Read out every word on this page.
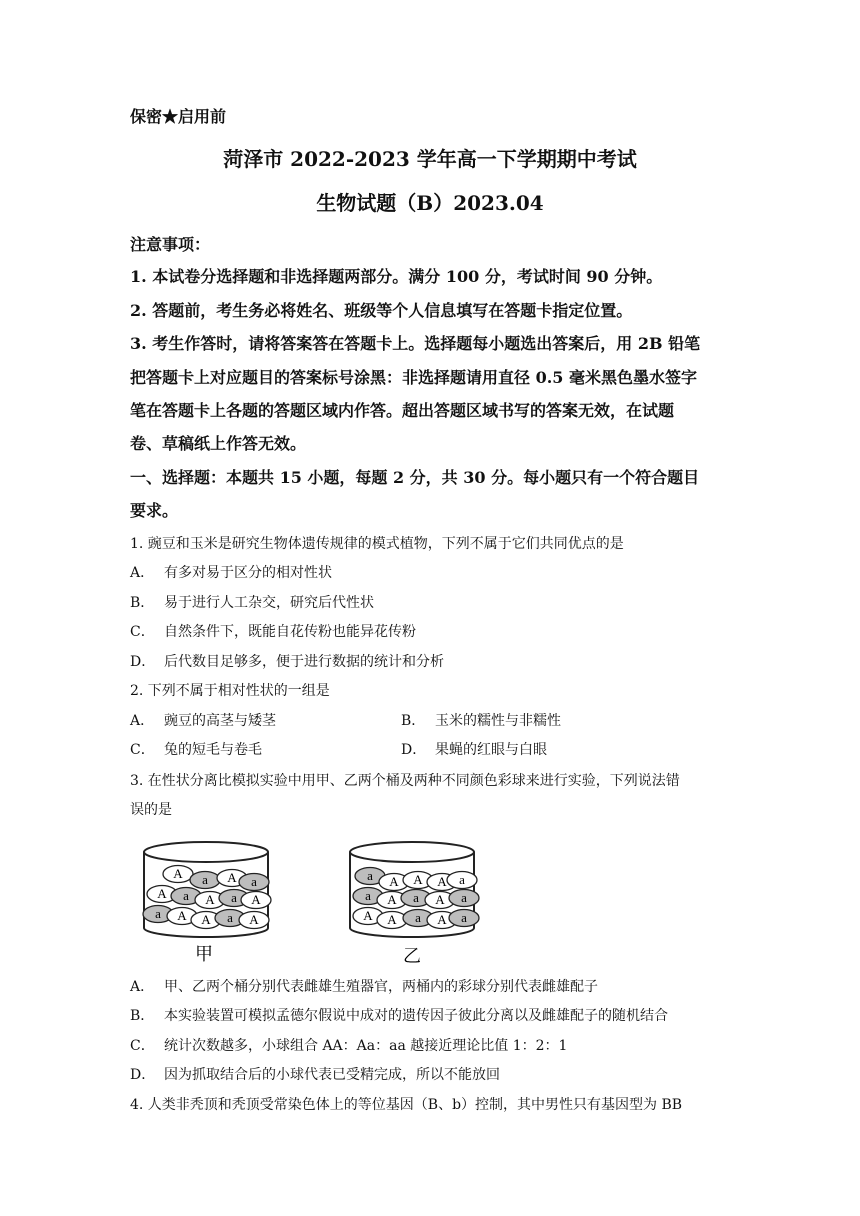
保密★启用前
菏泽市 2022-2023 学年高一下学期期中考试
生物试题（B）2023.04
注意事项：
1. 本试卷分选择题和非选择题两部分。满分 100 分，考试时间 90 分钟。
2. 答题前，考生务必将姓名、班级等个人信息填写在答题卡指定位置。
3. 考生作答时，请将答案答在答题卡上。选择题每小题选出答案后，用 2B 铅笔
把答题卡上对应题目的答案标号涂黑：非选择题请用直径 0.5 毫米黑色墨水签字
笔在答题卡上各题的答题区域内作答。超出答题区域书写的答案无效，在试题
卷、草稿纸上作答无效。
一、选择题：本题共 15 小题，每题 2 分，共 30 分。每小题只有一个符合题目
要求。
1. 豌豆和玉米是研究生物体遗传规律的模式植物，下列不属于它们共同优点的是
A． 有多对易于区分的相对性状
B． 易于进行人工杂交，研究后代性状
C． 自然条件下，既能自花传粉也能异花传粉
D． 后代数目足够多，便于进行数据的统计和分析
2. 下列不属于相对性状的一组是
A． 豌豆的高茎与矮茎	B． 玉米的糯性与非糯性
C． 兔的短毛与卷毛	D． 果蝇的红眼与白眼
3. 在性状分离比模拟实验中用甲、乙两个桶及两种不同颜色彩球来进行实验，下列说法错
误的是
A a A a
A a A a A
a A A a A
甲
a A A A a
a A a A a
A A a A a
乙
A． 甲、乙两个桶分别代表雌雄生殖器官，两桶内的彩球分别代表雌雄配子
B． 本实验装置可模拟孟德尔假说中成对的遗传因子彼此分离以及雌雄配子的随机结合
C． 统计次数越多，小球组合 AA：Aa：aa 越接近理论比值 1：2：1
D． 因为抓取结合后的小球代表已受精完成，所以不能放回
4. 人类非秃顶和秃顶受常染色体上的等位基因（B、b）控制，其中男性只有基因型为 BB
